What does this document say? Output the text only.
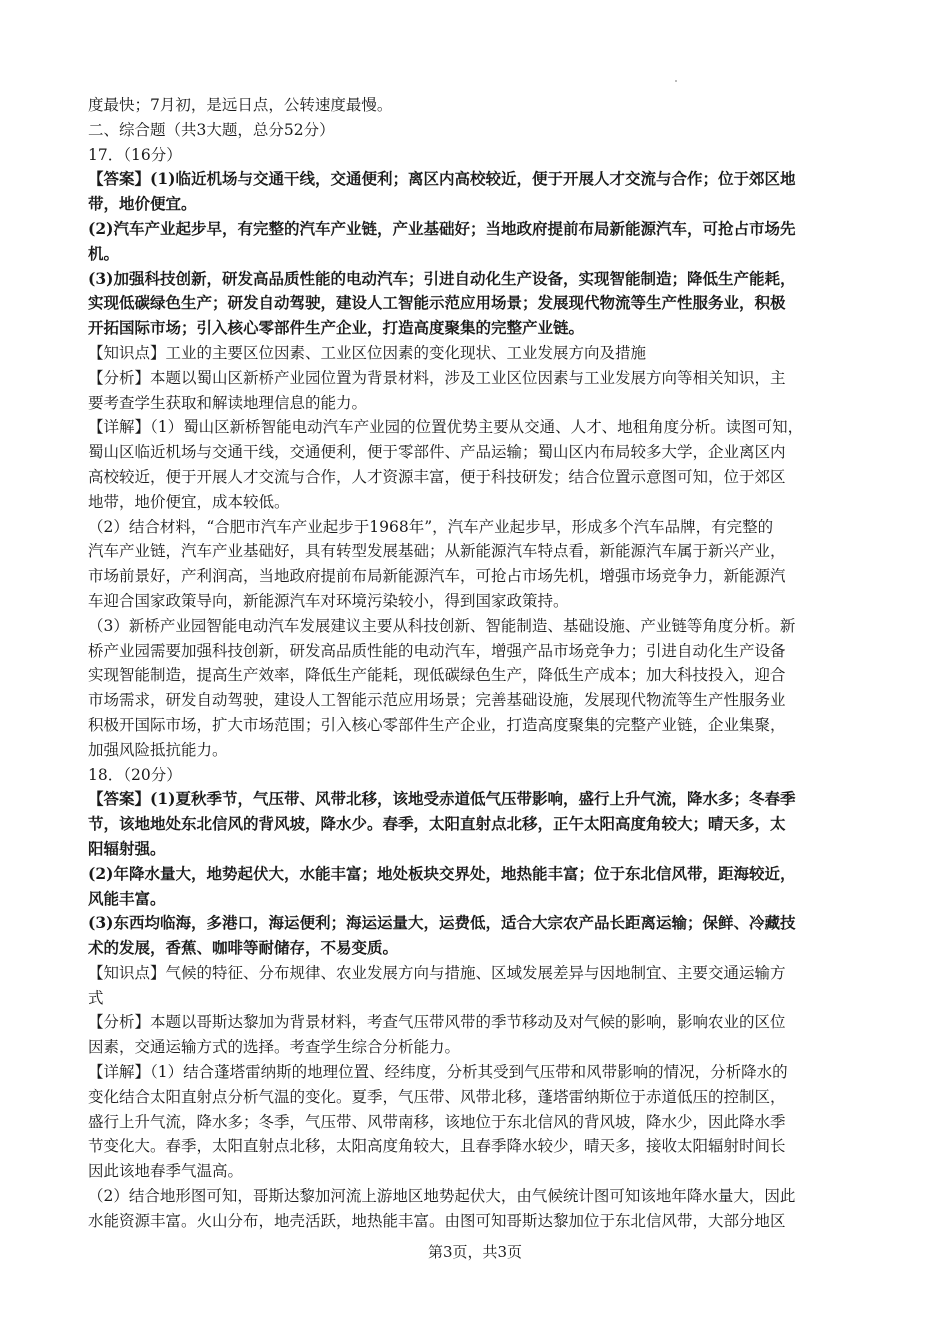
度最快；7月初，是远日点，公转速度最慢。
二、综合题（共3大题，总分52分）
17．（16分）
【答案】(1)临近机场与交通干线，交通便利；离区内高校较近，便于开展人才交流与合作；位于郊区地
带，地价便宜。
(2)汽车产业起步早，有完整的汽车产业链，产业基础好；当地政府提前布局新能源汽车，可抢占市场先
机。
(3)加强科技创新，研发高品质性能的电动汽车；引进自动化生产设备，实现智能制造；降低生产能耗，
实现低碳绿色生产；研发自动驾驶，建设人工智能示范应用场景；发展现代物流等生产性服务业，积极
开拓国际市场；引入核心零部件生产企业，打造高度聚集的完整产业链。
【知识点】工业的主要区位因素、工业区位因素的变化现状、工业发展方向及措施
【分析】本题以蜀山区新桥产业园位置为背景材料，涉及工业区位因素与工业发展方向等相关知识，主
要考查学生获取和解读地理信息的能力。
【详解】（1）蜀山区新桥智能电动汽车产业园的位置优势主要从交通、人才、地租角度分析。读图可知，
蜀山区临近机场与交通干线，交通便利，便于零部件、产品运输；蜀山区内布局较多大学，企业离区内
高校较近，便于开展人才交流与合作，人才资源丰富，便于科技研发；结合位置示意图可知，位于郊区
地带，地价便宜，成本较低。
（2）结合材料，“合肥市汽车产业起步于1968年”，汽车产业起步早，形成多个汽车品牌，有完整的
汽车产业链，汽车产业基础好，具有转型发展基础；从新能源汽车特点看，新能源汽车属于新兴产业，
市场前景好，产利润高，当地政府提前布局新能源汽车，可抢占市场先机，增强市场竞争力，新能源汽
车迎合国家政策导向，新能源汽车对环境污染较小，得到国家政策持。
（3）新桥产业园智能电动汽车发展建议主要从科技创新、智能制造、基础设施、产业链等角度分析。新
桥产业园需要加强科技创新，研发高品质性能的电动汽车，增强产品市场竞争力；引进自动化生产设备
实现智能制造，提高生产效率，降低生产能耗，现低碳绿色生产，降低生产成本；加大科技投入，迎合
市场需求，研发自动驾驶，建设人工智能示范应用场景；完善基础设施，发展现代物流等生产性服务业
积极开国际市场，扩大市场范围；引入核心零部件生产企业，打造高度聚集的完整产业链，企业集聚，
加强风险抵抗能力。
18．（20分）
【答案】(1)夏秋季节，气压带、风带北移，该地受赤道低气压带影响，盛行上升气流，降水多；冬春季
节，该地地处东北信风的背风坡，降水少。春季，太阳直射点北移，正午太阳高度角较大；晴天多，太
阳辐射强。
(2)年降水量大，地势起伏大，水能丰富；地处板块交界处，地热能丰富；位于东北信风带，距海较近，
风能丰富。
(3)东西均临海，多港口，海运便利；海运运量大，运费低，适合大宗农产品长距离运输；保鲜、冷藏技
术的发展，香蕉、咖啡等耐储存，不易变质。
【知识点】气候的特征、分布规律、农业发展方向与措施、区域发展差异与因地制宜、主要交通运输方
式
【分析】本题以哥斯达黎加为背景材料，考查气压带风带的季节移动及对气候的影响，影响农业的区位
因素，交通运输方式的选择。考查学生综合分析能力。
【详解】（1）结合蓬塔雷纳斯的地理位置、经纬度，分析其受到气压带和风带影响的情况，分析降水的
变化结合太阳直射点分析气温的变化。夏季，气压带、风带北移，蓬塔雷纳斯位于赤道低压的控制区，
盛行上升气流，降水多；冬季，气压带、风带南移，该地位于东北信风的背风坡，降水少，因此降水季
节变化大。春季，太阳直射点北移，太阳高度角较大，且春季降水较少，晴天多，接收太阳辐射时间长
因此该地春季气温高。
（2）结合地形图可知，哥斯达黎加河流上游地区地势起伏大，由气候统计图可知该地年降水量大，因此
水能资源丰富。火山分布，地壳活跃，地热能丰富。由图可知哥斯达黎加位于东北信风带，大部分地区
第3页，共3页
